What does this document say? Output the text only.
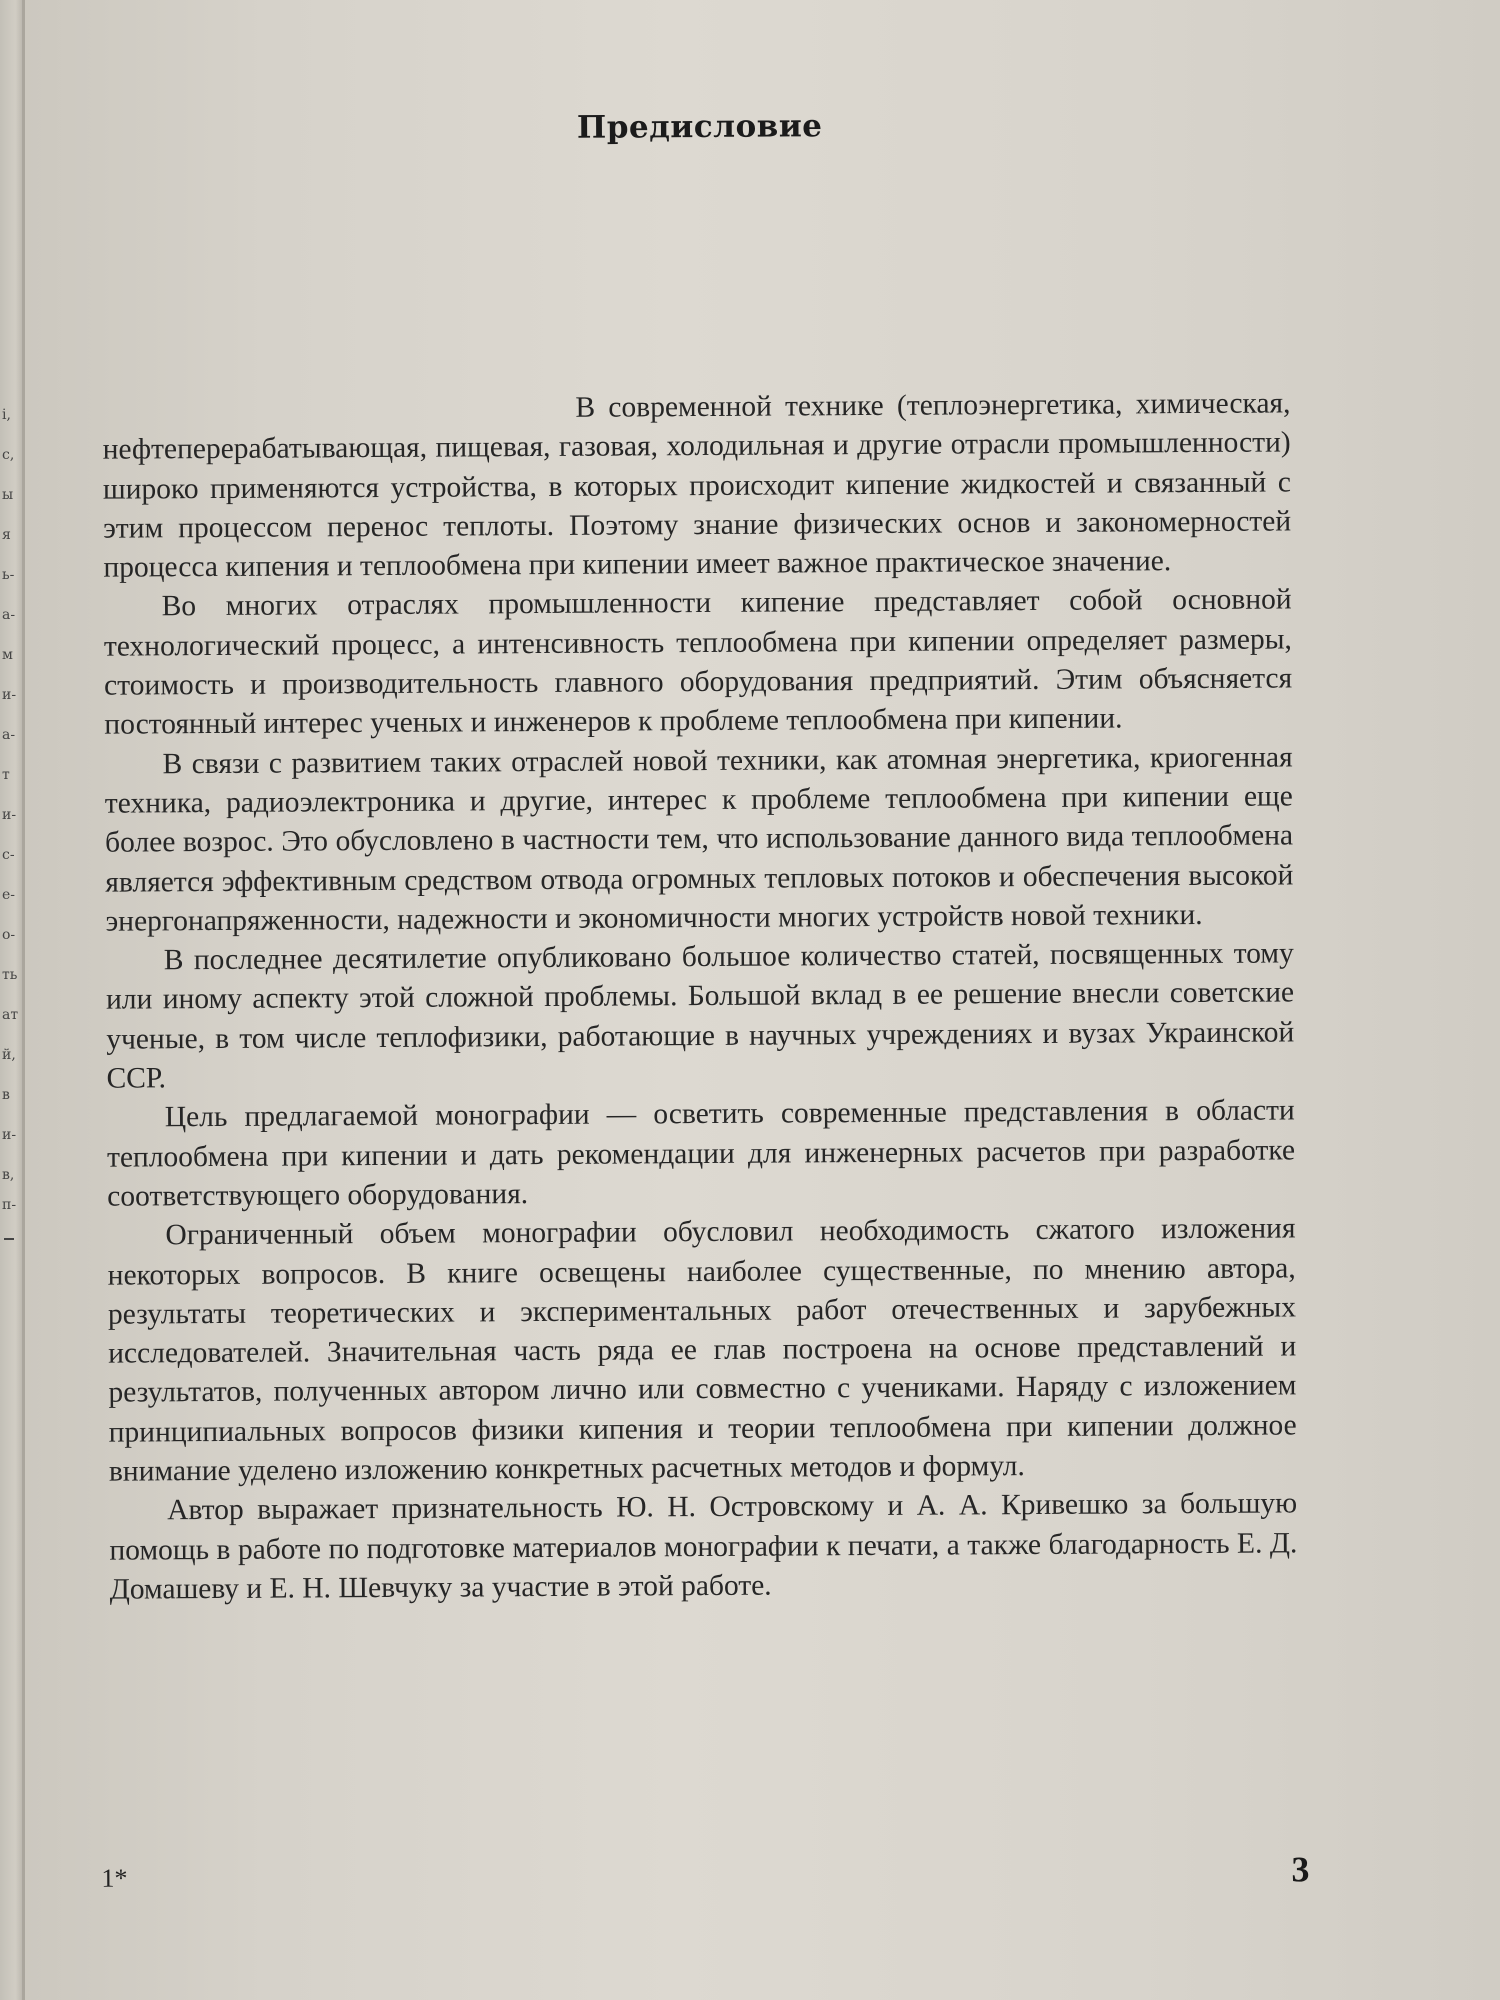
і,
с,
ы
я
ь-
а-
м
и-
а-
т
и-
с-
е-
о-
ть
ат
й,
в
и-
в,
п-
Предисловие

В современной технике (теплоэнергетика, химическая, нефтеперерабатывающая, пищевая, газовая, холодильная и другие отрасли промышленности) широко применяются устройства, в которых происходит кипение жидкостей и связанный с этим процессом перенос теплоты. Поэтому знание физических основ и закономерностей процесса кипения и теплообмена при кипении имеет важное практическое значение.

Во многих отраслях промышленности кипение представляет собой основной технологический процесс, а интенсивность теплообмена при кипении определяет размеры, стоимость и производительность главного оборудования предприятий. Этим объясняется постоянный интерес ученых и инженеров к проблеме теплообмена при кипении.

В связи с развитием таких отраслей новой техники, как атомная энергетика, криогенная техника, радиоэлектроника и другие, интерес к проблеме теплообмена при кипении еще более возрос. Это обусловлено в частности тем, что использование данного вида теплообмена является эффективным средством отвода огромных тепловых потоков и обеспечения высокой энергонапряженности, надежности и экономичности многих устройств новой техники.

В последнее десятилетие опубликовано большое количество статей, посвященных тому или иному аспекту этой сложной проблемы. Большой вклад в ее решение внесли советские ученые, в том числе теплофизики, работающие в научных учреждениях и вузах Украинской ССР.

Цель предлагаемой монографии — осветить современные представления в области теплообмена при кипении и дать рекомендации для инженерных расчетов при разработке соответствующего оборудования.

Ограниченный объем монографии обусловил необходимость сжатого изложения некоторых вопросов. В книге освещены наиболее существенные, по мнению автора, результаты теоретических и экспериментальных работ отечественных и зарубежных исследователей. Значительная часть ряда ее глав построена на основе представлений и результатов, полученных автором лично или совместно с учениками. Наряду с изложением принципиальных вопросов физики кипения и теории теплообмена при кипении должное внимание уделено изложению конкретных расчетных методов и формул.

Автор выражает признательность Ю. Н. Островскому и А. А. Кривешко за большую помощь в работе по подготовке материалов монографии к печати, а также благодарность Е. Д. Домашеву и Е. Н. Шевчуку за участие в этой работе.

1*	3
